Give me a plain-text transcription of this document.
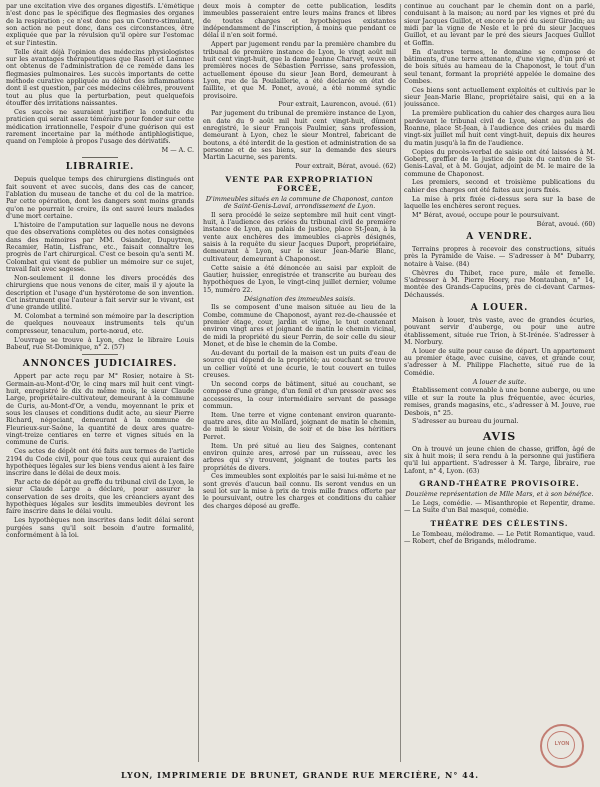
par une excitation vive des organes digestifs. L'émétique n'est donc pas le spécifique des flegmasies des organes de la respiration ; ce n'est donc pas un Contro-stimulant, son action ne peut donc, dans ces circonstances, être expliquée que par la révulsion qu'il opère sur l'estomac et sur l'intestin.

Telle était déjà l'opinion des médecins physiologistes sur les avantages thérapeutiques que Rasori et Laennec ont obtenus de l'administration de ce remède dans les flegmasies pulmonaires. Les succès importants de cette méthode curative appliquée au début des inflammations dont il est question, par ces médecins célèbres, prouvent tout au plus que la perturbation, peut quelquefois étouffer des irritations naissantes.

Ces succès ne sauraient justifier la conduite du praticien qui serait assez téméraire pour fonder sur cette médication irrationnelle, l'espoir d'une guérison qui est rarement incertaine par la méthode antiphlogistique, quand on l'emploie à propos l'usage des dérivatifs.

M — A. C.

LIBRAIRIE.

Depuis quelque temps des chirurgiens distingués ont fait souvent et avec succès, dans des cas de cancer, l'ablation du museau de tanche et du col de la matrice. Par cette opération, dont les dangers sont moins grands qu'on ne pourrait le croire, ils ont sauvé leurs malades d'une mort certaine.

L'histoire de l'amputation sur laquelle nous ne devons que des observations complètes ou des notes consignées dans des mémoires par MM. Osiander, Dupuytren, Recamier, Hatin, Lisfranc, etc., faisait connaître les progrès de l'art chirurgical. C'est ce besoin qu'a senti M. Colombat qui vient de publier un mémoire sur ce sujet, travail fait avec sagesse.

Non-seulement il donne les divers procédés des chirurgiens que nous venons de citer, mais il y ajoute la description et l'usage d'un hystérotome de son invention. Cet instrument que l'auteur a fait servir sur le vivant, est d'une grande utilité.

M. Colombat a terminé son mémoire par la description de quelques nouveaux instruments tels qu'un compresseur, tenaculum, porte-nœud, etc.

L'ouvrage se trouve à Lyon, chez le libraire Louis Babeuf, rue St-Dominique, n° 2. (57)

ANNONCES JUDICIAIRES.

Appert par acte reçu par M° Rosier, notaire à St-Germain-au-Mont-d'Or, le cinq mars mil huit cent vingt-huit, enregistré le dix du même mois, le sieur Claude Large, propriétaire-cultivateur, demeurant à la commune de Curis, au-Mont-d'Or, a vendu, moyennant le prix et sous les clauses et conditions dudit acte, au sieur Pierre Richard, négociant, demeurant à la commune de Fleurieux-sur-Saône, la quantité de deux ares quatre-vingt-treize centiares en terre et vignes situés en la commune de Curis.

Ces actes de dépôt ont été faits aux termes de l'article 2194 du Code civil, pour que tous ceux qui auraient des hypothèques légales sur les biens vendus aient à les faire inscrire dans le délai de deux mois.

Par acte de dépôt au greffe du tribunal civil de Lyon, le sieur Claude Large a déclaré, pour assurer la conservation de ses droits, que les créanciers ayant des hypothèques légales sur lesdits immeubles devront les faire inscrire dans le délai voulu.

Les hypothèques non inscrites dans ledit délai seront purgées sans qu'il soit besoin d'autre formalité, conformément à la loi.

deux mois à compter de cette publication, lesdits immeubles passeraient entre leurs mains francs et libres de toutes charges et hypothèques existantes indépendamment de l'inscription, à moins que pendant ce délai il n'en soit formé.

Appert par jugement rendu par la première chambre du tribunal de première instance de Lyon, le vingt août mil huit cent vingt-huit, que la dame Jeanne Charvet, veuve en premières noces de Sébastien Perrisse, sans profession, actuellement épouse du sieur Jean Bord, demeurant à Lyon, rue de la Poulaillerie, a été déclarée en état de faillite, et que M. Ponet, avoué, a été nommé syndic provisoire.

Pour extrait, Laurencon, avoué. (61)

Par jugement du tribunal de première instance de Lyon, en date du 9 août mil huit cent vingt-huit, dûment enregistré, le sieur François Paulmier, sans profession, demeurant à Lyon, chez le sieur Montrel, fabricant de boutons, a été interdit de la gestion et administration de sa personne et de ses biens, sur la demande des sieurs Martin Lacurne, ses parents.

Pour extrait, Bérat, avoué. (62)

VENTE PAR EXPROPRIATION FORCÉE,

D'immeubles situés en la commune de Chaponost, canton de Saint-Genis-Laval, arrondissement de Lyon.

Il sera procédé le seize septembre mil huit cent vingt-huit, à l'audience des criées du tribunal civil de première instance de Lyon, au palais de justice, place St-Jean, à la vente aux enchères des immeubles ci-après désignés, saisis à la requête du sieur Jacques Duport, propriétaire, demeurant à Lyon, sur le sieur Jean-Marie Blanc, cultivateur, demeurant à Chaponost.

Cette saisie a été dénoncée au saisi par exploit de Gautier, huissier, enregistrée et transcrite au bureau des hypothèques de Lyon, le vingt-cinq juillet dernier, volume 15, numéro 22.

Désignation des immeubles saisis.

Ils se composent d'une maison située au lieu de la Combe, commune de Chaponost, ayant rez-de-chaussée et premier étage, cour, jardin et vigne, le tout contenant environ vingt ares et joignant de matin le chemin vicinal, de midi la propriété du sieur Perrin, de soir celle du sieur Monet, et de bise le chemin de la Combe.

Au-devant du portail de la maison est un puits d'eau de source qui dépend de la propriété; au couchant se trouve un cellier voûté et une écurie, le tout couvert en tuiles creuses.

Un second corps de bâtiment, situé au couchant, se compose d'une grange, d'un fenil et d'un pressoir avec ses accessoires, la cour intermédiaire servant de passage commun.

Item. Une terre et vigne contenant environ quarante-quatre ares, dite au Mollard, joignant de matin le chemin, de midi le sieur Voisin, de soir et de bise les héritiers Perret.

Item. Un pré situé au lieu des Saignes, contenant environ quinze ares, arrosé par un ruisseau, avec les arbres qui s'y trouvent, joignant de toutes parts les propriétés de divers.

Ces immeubles sont exploités par le saisi lui-même et ne sont grevés d'aucun bail connu. Ils seront vendus en un seul lot sur la mise à prix de trois mille francs offerte par le poursuivant, outre les charges et conditions du cahier des charges déposé au greffe.

continue au couchant par le chemin dont on a parlé, conduisant à la maison; au nord par les vignes et pré du sieur Jacques Guillot, et encore le pré du sieur Girodin; au midi par la vigne de Nesle et le pré du sieur Jacques Guillot, et au levant par le pré des sieurs Jacques Guillot et Goffin.

En d'autres termes, le domaine se compose de bâtiments, d'une terre attenante, d'une vigne, d'un pré et de bois situés au hameau de la Chaponost, le tout d'un seul tenant, formant la propriété appelée le domaine des Combes.

Ces biens sont actuellement exploités et cultivés par le sieur Jean-Marie Blanc, propriétaire saisi, qui en a la jouissance.

La première publication du cahier des charges aura lieu pardevant le tribunal civil de Lyon, séant au palais de Roanne, place St-Jean, à l'audience des criées du mardi vingt-six juillet mil huit cent vingt-huit, depuis dix heures du matin jusqu'à la fin de l'audience.

Copies du procès-verbal de saisie ont été laissées à M. Gobert, greffier de la justice de paix du canton de St-Genis-Laval, et à M. Goujat, adjoint de M. le maire de la commune de Chaponost.

Les premiers, second et troisième publications du cahier des charges ont été faites aux jours fixés.

La mise à prix fixée ci-dessus sera sur la base de laquelle les enchères seront reçues.

M° Bérat, avoué, occupe pour le poursuivant.

Bérat, avoué. (60)

A VENDRE.

Terrains propres à recevoir des constructions, situés près la Pyramide de Vaise. — S'adresser à M° Dubarry, notaire à Vaise. (84)

Chèvres du Thibet, race pure, mâle et femelle. S'adresser à M. Pierre Hoery, rue Montauban, n° 14, montée des Grands-Capucins, près de ci-devant Carmes-Déchaussés.

A LOUER.

Maison à louer, très vaste, avec de grandes écuries, pouvant servir d'auberge, ou pour une autre établissement, située rue Trion, à St-Irénée. S'adresser à M. Norbury.

A louer de suite pour cause de départ. Un appartement au premier étage, avec cuisine, caves, et grande cour, s'adresser à M. Philippe Flachette, situé rue de la Comédie.

A louer de suite.

Établissement convenable à une bonne auberge, ou une ville et sur la route la plus fréquentée, avec écuries, remises, grands magasins, etc., s'adresser à M. Jouve, rue Desbois, n° 25.

S'adresser au bureau du journal.

AVIS

On à trouvé un jeune chien de chasse, griffon, âgé de six à huit mois; il sera rendu à la personne qui justifiera qu'il lui appartient. S'adresser à M. Targe, libraire, rue Lafont, n° 4, Lyon. (63)

GRAND-THÉATRE PROVISOIRE.

Douzième représentation de Mlle Mars, et à son bénéfice.

Le Legs, comédie. — Misanthropie et Repentir, drame. — La Suite d'un Bal masqué, comédie.

THÉATRE DES CÉLESTINS.

Le Tombeau, mélodrame. — Le Petit Romantique, vaud. — Robert, chef de Brigands, mélodrame.

LYON, IMPRIMERIE DE BRUNET, GRANDE RUE MERCIÈRE, N° 44.
LYON
